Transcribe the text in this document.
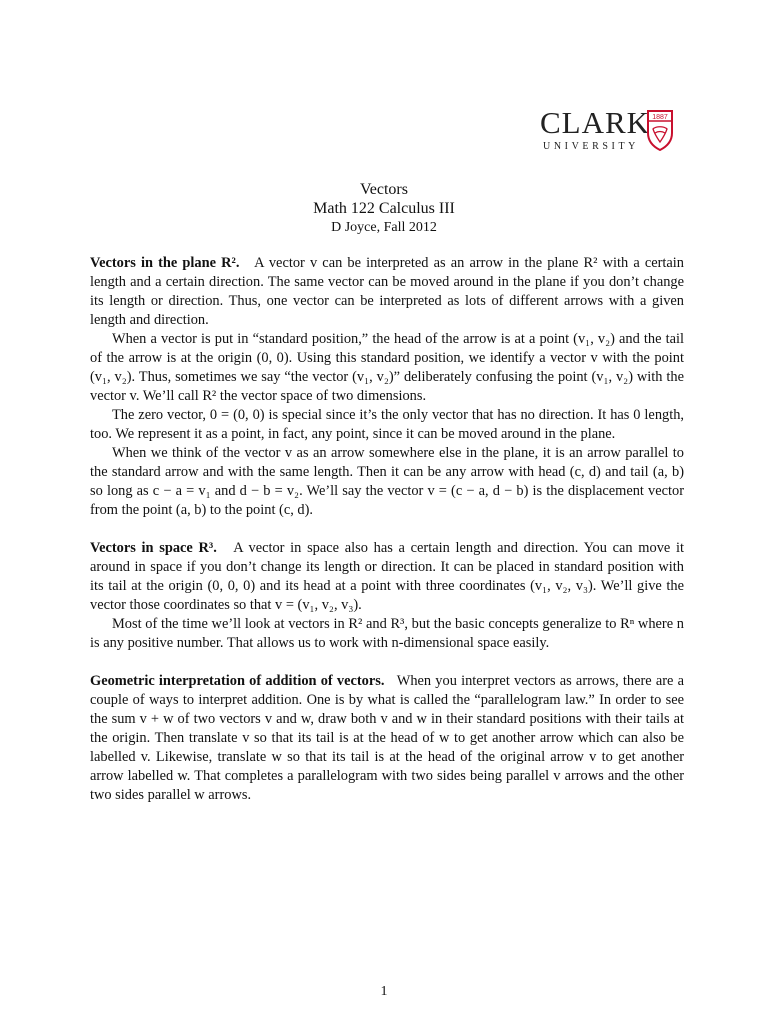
CLARK
UNIVERSITY
1887
Vectors
Math 122 Calculus III
D Joyce, Fall 2012

Vectors in the plane R². A vector v can be interpreted as an arrow in the plane R² with a certain length and a certain direction. The same vector can be moved around in the plane if you don’t change its length or direction. Thus, one vector can be interpreted as lots of different arrows with a given length and direction.

When a vector is put in “standard position,” the head of the arrow is at a point (v₁, v₂) and the tail of the arrow is at the origin (0, 0). Using this standard position, we identify a vector v with the point (v₁, v₂). Thus, sometimes we say “the vector (v₁, v₂)” deliberately confusing the point (v₁, v₂) with the vector v. We’ll call R² the vector space of two dimensions.

The zero vector, 0 = (0, 0) is special since it’s the only vector that has no direction. It has 0 length, too. We represent it as a point, in fact, any point, since it can be moved around in the plane.

When we think of the vector v as an arrow somewhere else in the plane, it is an arrow parallel to the standard arrow and with the same length. Then it can be any arrow with head (c, d) and tail (a, b) so long as c − a = v₁ and d − b = v₂. We’ll say the vector v = (c − a, d − b) is the displacement vector from the point (a, b) to the point (c, d).

Vectors in space R³. A vector in space also has a certain length and direction. You can move it around in space if you don’t change its length or direction. It can be placed in standard position with its tail at the origin (0, 0, 0) and its head at a point with three coordinates (v₁, v₂, v₃). We’ll give the vector those coordinates so that v = (v₁, v₂, v₃).

Most of the time we’ll look at vectors in R² and R³, but the basic concepts generalize to Rⁿ where n is any positive number. That allows us to work with n-dimensional space easily.

Geometric interpretation of addition of vectors. When you interpret vectors as arrows, there are a couple of ways to interpret addition. One is by what is called the “parallelogram law.” In order to see the sum v + w of two vectors v and w, draw both v and w in their standard positions with their tails at the origin. Then translate v so that its tail is at the head of w to get another arrow which can also be labelled v. Likewise, translate w so that its tail is at the head of the original arrow v to get another arrow labelled w. That completes a parallelogram with two sides being parallel v arrows and the other two sides parallel w arrows.

1
